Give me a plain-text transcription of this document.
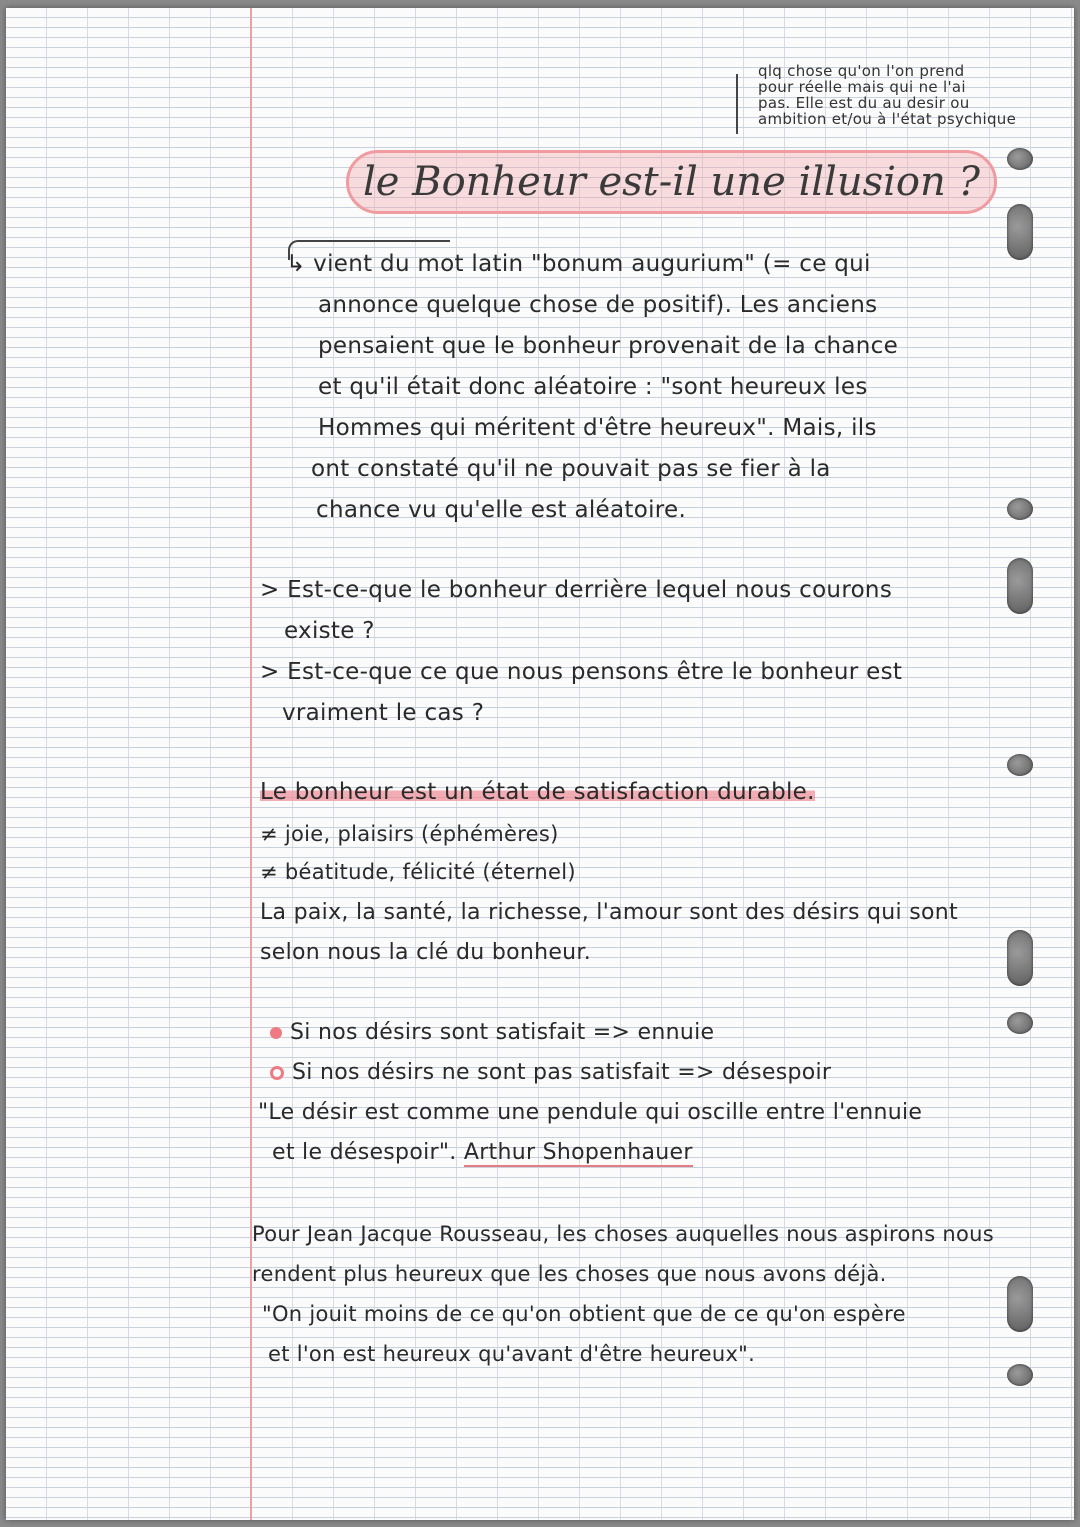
qlq chose qu'on l'on prend

pour réelle mais qui ne l'ai

pas. Elle est du au desir ou

ambition et/ou à l'état psychique

le Bonheur est-il une illusion ?

↳ vient du mot latin "bonum augurium" (= ce qui

annonce quelque chose de positif). Les anciens

pensaient que le bonheur provenait de la chance

et qu'il était donc aléatoire : "sont heureux les

Hommes qui méritent d'être heureux". Mais, ils

ont constaté qu'il ne pouvait pas se fier à la

chance vu qu'elle est aléatoire.

> Est-ce-que le bonheur derrière lequel nous courons

existe ?

> Est-ce-que ce que nous pensons être le bonheur est

vraiment le cas ?

Le bonheur est un état de satisfaction durable.

≠ joie, plaisirs (éphémères)

≠ béatitude, félicité (éternel)

La paix, la santé, la richesse, l'amour sont des désirs qui sont

selon nous la clé du bonheur.

Si nos désirs sont satisfait => ennuie

Si nos désirs ne sont pas satisfait => désespoir

"Le désir est comme une pendule qui oscille entre l'ennuie

et le désespoir". Arthur Shopenhauer

Pour Jean Jacque Rousseau, les choses auquelles nous aspirons nous

rendent plus heureux que les choses que nous avons déjà.

"On jouit moins de ce qu'on obtient que de ce qu'on espère

et l'on est heureux qu'avant d'être heureux".
